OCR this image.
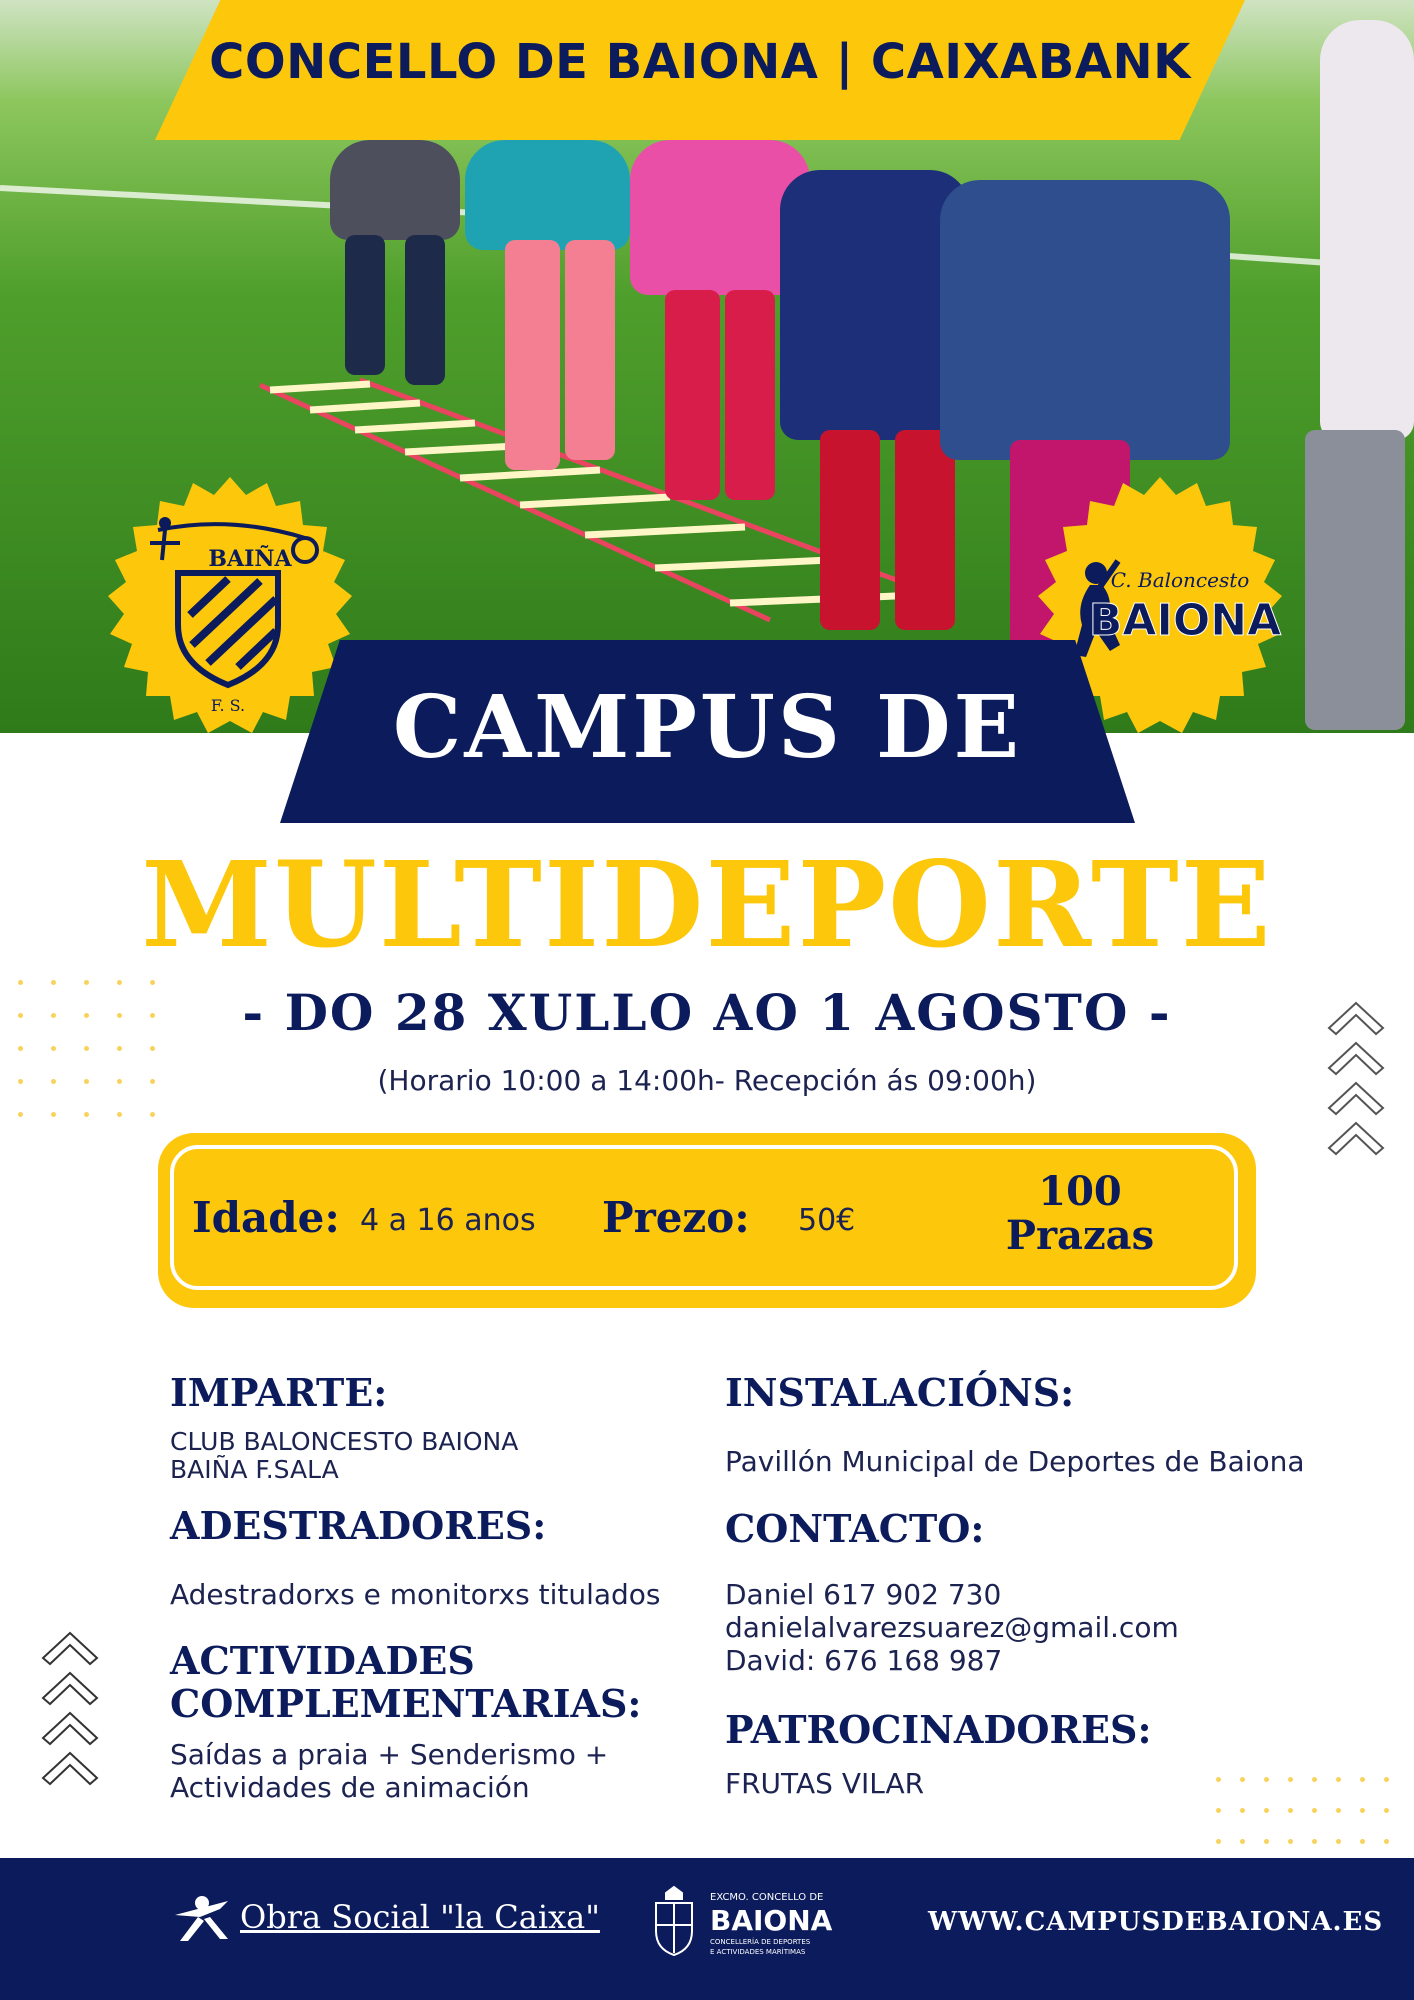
CONCELLO DE BAIONA | CAIXABANK
BAIÑA
F. S.
C. Baloncesto
BAIONA
CAMPUS DE
MULTIDEPORTE
- DO 28 XULLO AO 1 AGOSTO -
(Horario 10:00 a 14:00h- Recepción ás 09:00h)
Idade: 4 a 16 anos Prezo: 50€
100
Prazas
IMPARTE:
CLUB BALONCESTO BAIONA
BAIÑA F.SALA
ADESTRADORES:
Adestradorxs e monitorxs titulados
ACTIVIDADES
COMPLEMENTARIAS:
Saídas a praia + Senderismo +
Actividades de animación
INSTALACIÓNS:
Pavillón Municipal de Deportes de Baiona
CONTACTO:
Daniel 617 902 730
danielalvarezsuarez@gmail.com
David: 676 168 987
PATROCINADORES:
FRUTAS VILAR
Obra Social "la Caixa"
EXCMO. CONCELLO DE
BAIONA
CONCELLERÍA DE DEPORTES
E ACTIVIDADES MARÍTIMAS
WWW.CAMPUSDEBAIONA.ES
